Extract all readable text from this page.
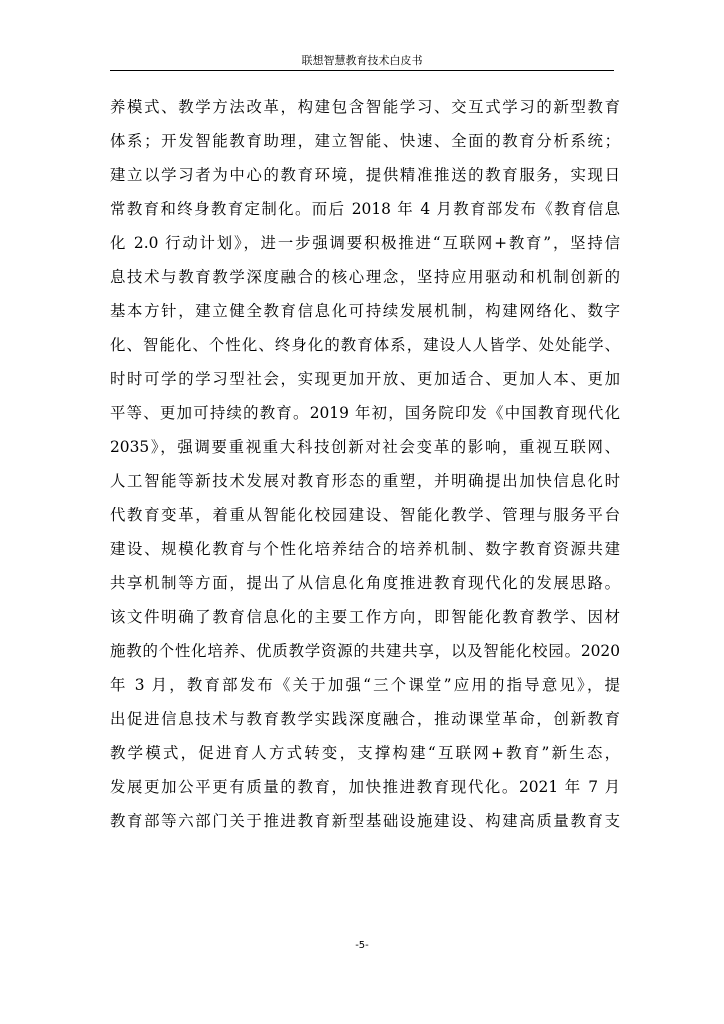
联想智慧教育技术白皮书
养模式、教学方法改革，构建包含智能学习、交互式学习的新型教育
体系；开发智能教育助理，建立智能、快速、全面的教育分析系统；
建立以学习者为中心的教育环境，提供精准推送的教育服务，实现日
常教育和终身教育定制化。而后 2018 年 4 月教育部发布《教育信息
化 2.0 行动计划》，进一步强调要积极推进“互联网+教育”，坚持信
息技术与教育教学深度融合的核心理念，坚持应用驱动和机制创新的
基本方针，建立健全教育信息化可持续发展机制，构建网络化、数字
化、智能化、个性化、终身化的教育体系，建设人人皆学、处处能学、
时时可学的学习型社会，实现更加开放、更加适合、更加人本、更加
平等、更加可持续的教育。2019 年初，国务院印发《中国教育现代化
2035》，强调要重视重大科技创新对社会变革的影响，重视互联网、
人工智能等新技术发展对教育形态的重塑，并明确提出加快信息化时
代教育变革，着重从智能化校园建设、智能化教学、管理与服务平台
建设、规模化教育与个性化培养结合的培养机制、数字教育资源共建
共享机制等方面，提出了从信息化角度推进教育现代化的发展思路。
该文件明确了教育信息化的主要工作方向，即智能化教育教学、因材
施教的个性化培养、优质教学资源的共建共享，以及智能化校园。2020
年 3 月，教育部发布《关于加强“三个课堂”应用的指导意见》，提
出促进信息技术与教育教学实践深度融合，推动课堂革命，创新教育
教学模式，促进育人方式转变，支撑构建“互联网+教育”新生态，
发展更加公平更有质量的教育，加快推进教育现代化。2021 年 7 月
教育部等六部门关于推进教育新型基础设施建设、构建高质量教育支
-5-
